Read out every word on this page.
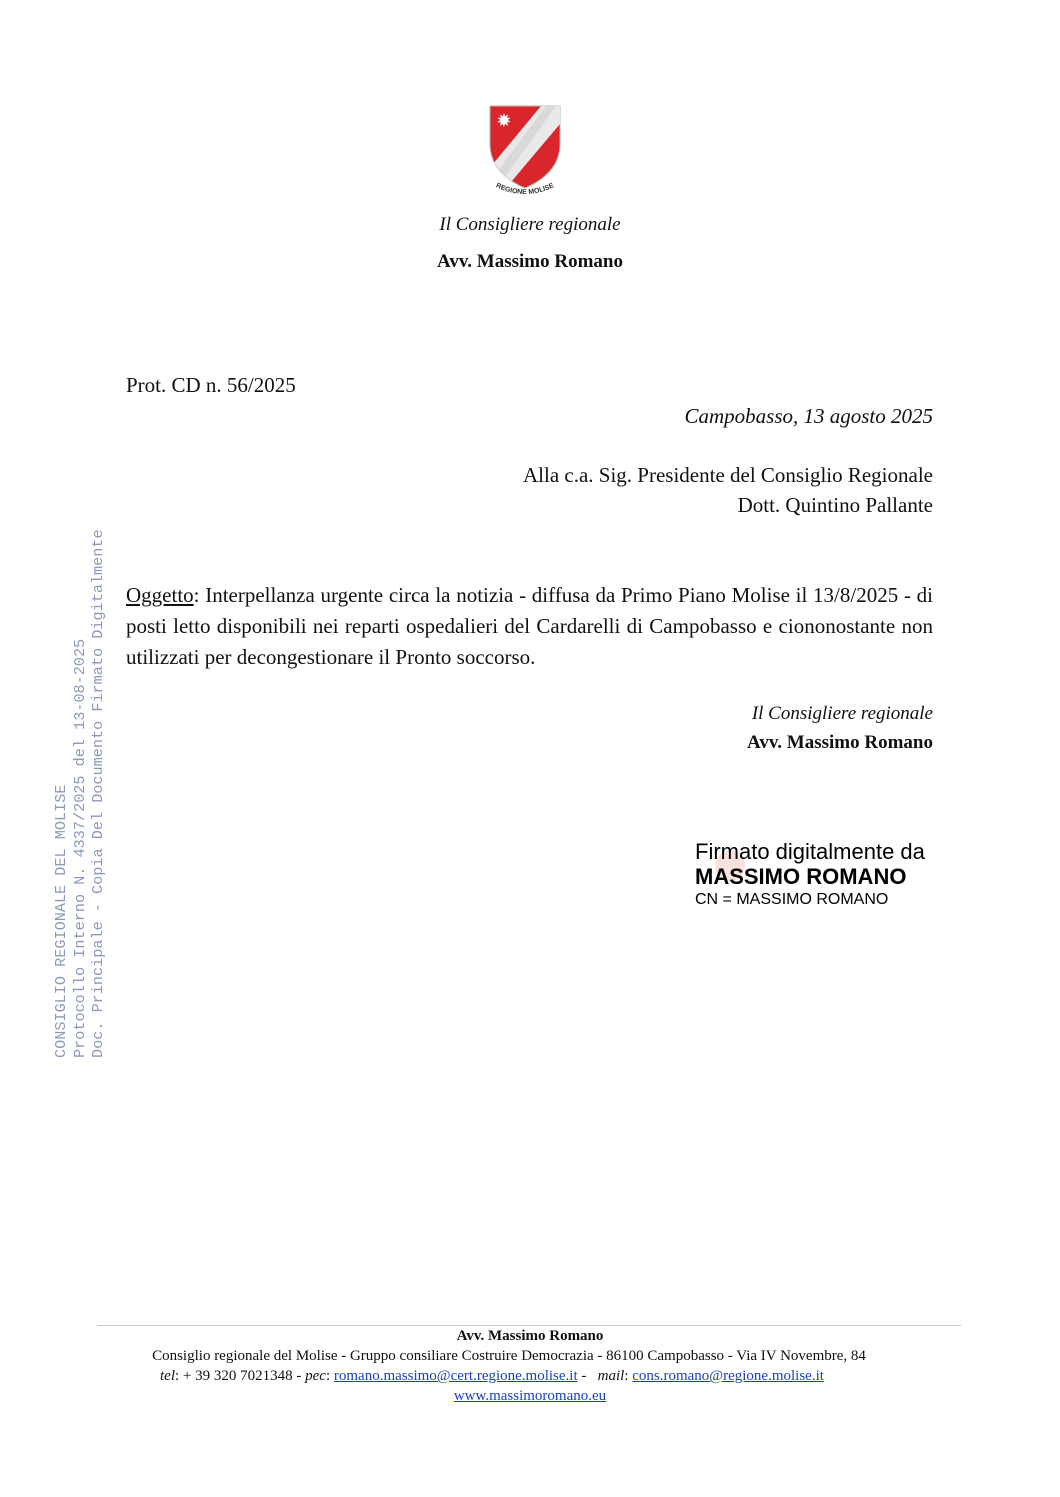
REGIONE MOLISE
Il Consigliere regionale
Avv. Massimo Romano
Prot. CD n. 56/2025
Campobasso, 13 agosto 2025
Alla c.a. Sig. Presidente del Consiglio Regionale
Dott. Quintino Pallante
Oggetto: Interpellanza urgente circa la notizia - diffusa da Primo Piano Molise il 13/8/2025 - di posti letto disponibili nei reparti ospedalieri del Cardarelli di Campobasso e ciononostante non utilizzati per decongestionare il Pronto soccorso.
Il Consigliere regionale
Avv. Massimo Romano
Firmato digitalmente da
MASSIMO ROMANO
CN = MASSIMO ROMANO
CONSIGLIO REGIONALE DEL MOLISE Protocollo Interno N. 4337/2025 del 13-08-2025 Doc. Principale - Copia Del Documento Firmato Digitalmente
Avv. Massimo Romano
Consiglio regionale del Molise - Gruppo consiliare Costruire Democrazia - 86100 Campobasso - Via IV Novembre, 84
tel: + 39 320 7021348 - pec: romano.massimo@cert.regione.molise.it -   mail: cons.romano@regione.molise.it
www.massimoromano.eu
